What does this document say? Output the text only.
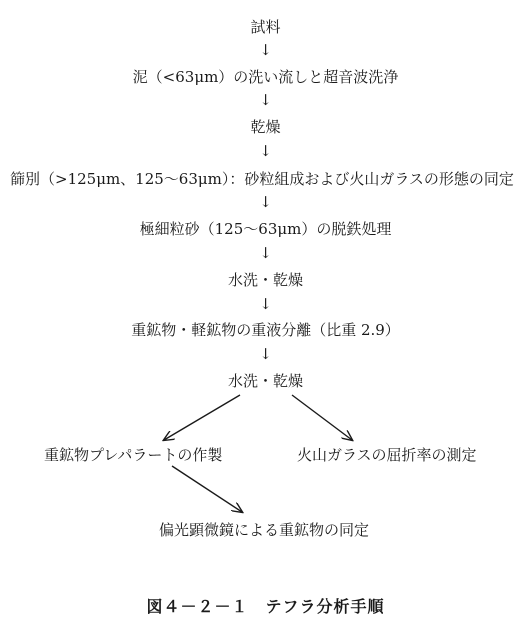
試料
↓
泥（<63μm）の洗い流しと超音波洗浄
↓
乾燥
↓
篩別（>125μm、125〜63μm）：砂粒組成および火山ガラスの形態の同定
↓
極細粒砂（125〜63μm）の脱鉄処理
↓
水洗・乾燥
↓
重鉱物・軽鉱物の重液分離（比重 2.9）
↓
水洗・乾燥
重鉱物プレパラートの作製	火山ガラスの屈折率の測定
偏光顕微鏡による重鉱物の同定
図４－２－１　テフラ分析手順
